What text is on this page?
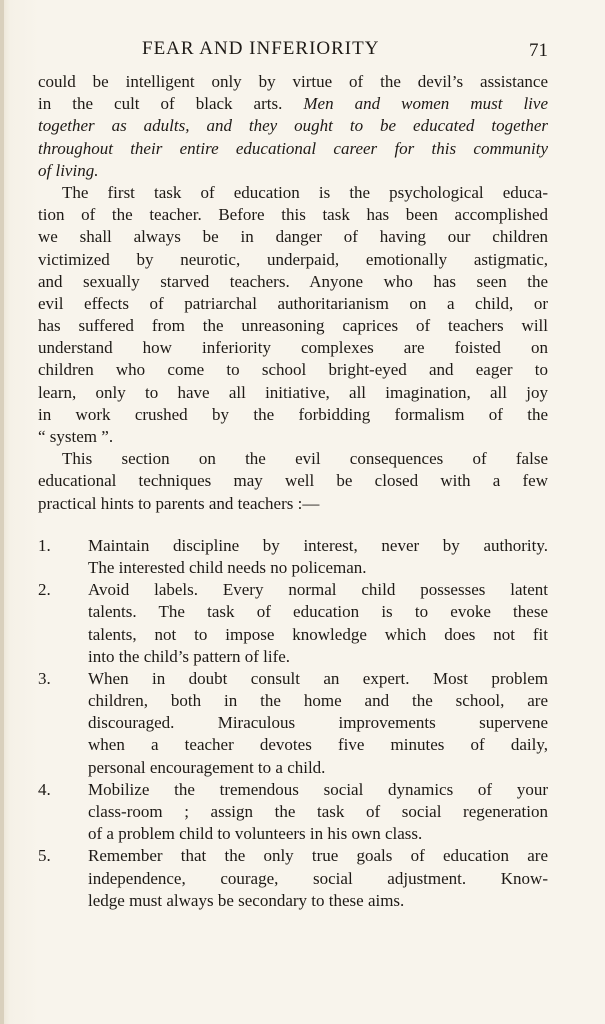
FEAR AND INFERIORITY	71
could be intelligent only by virtue of the devil’s assistance
in the cult of black arts. Men and women must live
together as adults, and they ought to be educated together
throughout their entire educational career for this community
of living.
The first task of education is the psychological educa-
tion of the teacher. Before this task has been accomplished
we shall always be in danger of having our children
victimized by neurotic, underpaid, emotionally astigmatic,
and sexually starved teachers. Anyone who has seen the
evil effects of patriarchal authoritarianism on a child, or
has suffered from the unreasoning caprices of teachers will
understand how inferiority complexes are foisted on
children who come to school bright-eyed and eager to
learn, only to have all initiative, all imagination, all joy
in work crushed by the forbidding formalism of the
“ system ”.
This section on the evil consequences of false
educational techniques may well be closed with a few
practical hints to parents and teachers :—
1.	Maintain discipline by interest, never by authority.
The interested child needs no policeman.
2.	Avoid labels. Every normal child possesses latent
talents. The task of education is to evoke these
talents, not to impose knowledge which does not fit
into the child’s pattern of life.
3.	When in doubt consult an expert. Most problem
children, both in the home and the school, are
discouraged. Miraculous improvements supervene
when a teacher devotes five minutes of daily,
personal encouragement to a child.
4.	Mobilize the tremendous social dynamics of your
class-room ; assign the task of social regeneration
of a problem child to volunteers in his own class.
5.	Remember that the only true goals of education are
independence, courage, social adjustment. Know-
ledge must always be secondary to these aims.
